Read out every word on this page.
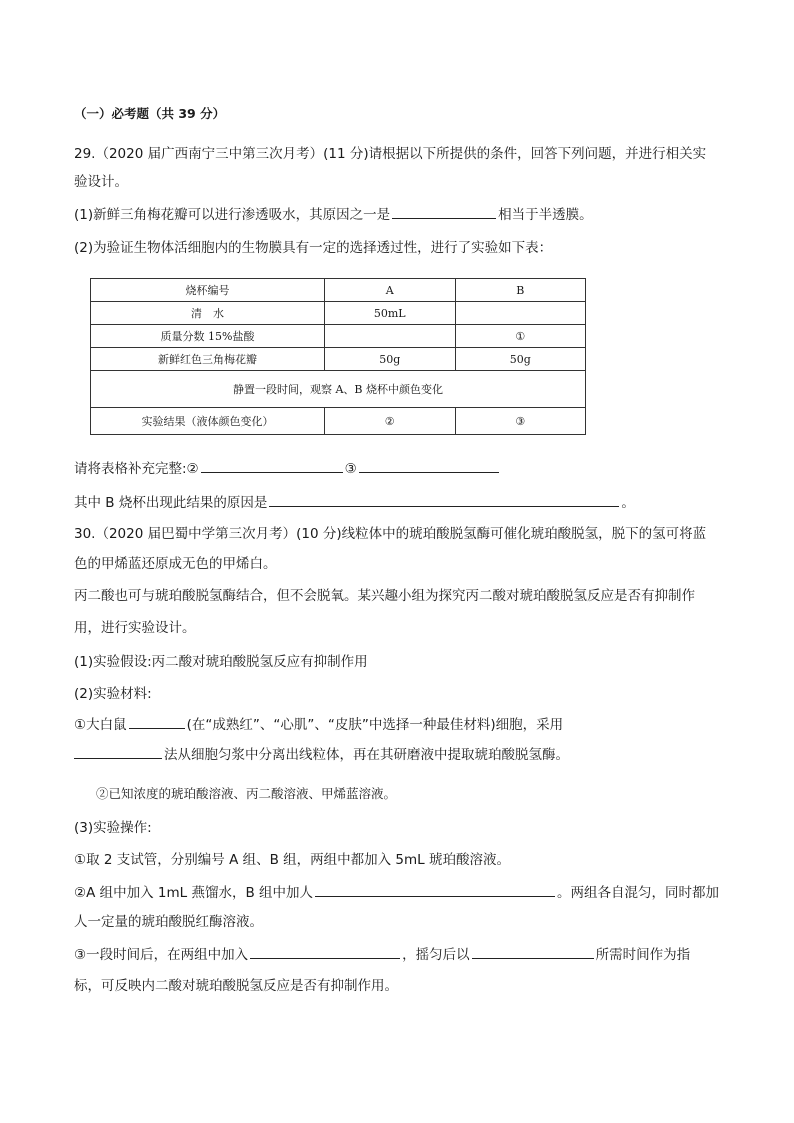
（一）必考题（共 39 分）
29.（2020 届广西南宁三中第三次月考）(11 分)请根据以下所提供的条件，回答下列问题，并进行相关实
验设计。
(1)新鲜三角梅花瓣可以进行渗透吸水，其原因之一是	相当于半透膜。
(2)为验证生物体活细胞内的生物膜具有一定的选择透过性，进行了实验如下表：
烧杯编号	A	B
清　水	50mL	
质量分数 15%盐酸		①
新鲜红色三角梅花瓣	50g	50g
静置一段时间，观察 A、B 烧杯中颜色变化		
实验结果（液体颜色变化）	②	③
请将表格补充完整:②	③
其中 B 烧杯出现此结果的原因是	。
30.（2020 届巴蜀中学第三次月考）(10 分)线粒体中的琥珀酸脱氢酶可催化琥珀酸脱氢，脱下的氢可将蓝
色的甲烯蓝还原成无色的甲烯白。
丙二酸也可与琥珀酸脱氢酶结合，但不会脱氧。某兴趣小组为探究丙二酸对琥珀酸脱氢反应是否有抑制作
用，进行实验设计。
(1)实验假设:丙二酸对琥珀酸脱氢反应有抑制作用
(2)实验材料:
①大白鼠	(在“成熟红”、“心肌”、“皮肤”中选择一种最佳材料)细胞，采用
法从细胞匀浆中分离出线粒体，再在其研磨液中提取琥珀酸脱氢酶。
②已知浓度的琥珀酸溶液、丙二酸溶液、甲烯蓝溶液。
(3)实验操作:
①取 2 支试管，分别编号 A 组、B 组，两组中都加入 5mL 琥珀酸溶液。
②A 组中加入 1mL 燕馏水，B 组中加人	。两组各自混匀，同时都加
人一定量的琥珀酸脱红酶溶液。
③一段时间后，在两组中加入	，摇匀后以	所需时间作为指
标，可反映内二酸对琥珀酸脱氢反应是否有抑制作用。
